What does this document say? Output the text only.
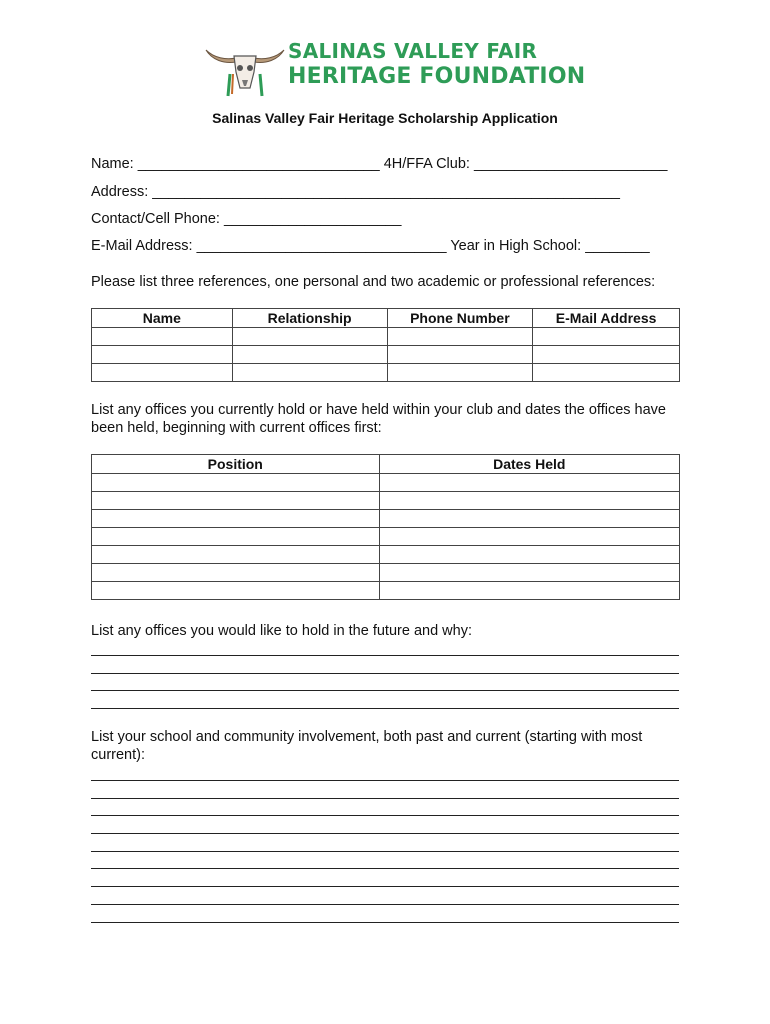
SALINAS VALLEY FAIR
HERITAGE FOUNDATION
Salinas Valley Fair Heritage Scholarship Application
Name: ______________________________ 4H/FFA Club: ________________________
Address: __________________________________________________________
Contact/Cell Phone: ______________________
E-Mail Address: _______________________________ Year in High School: ________
Please list three references, one personal and two academic or professional references:
Name	Relationship	Phone Number	E-Mail Address

List any offices you currently hold or have held within your club and dates the offices have been held, beginning with current offices first:
Position	Dates Held

List any offices you would like to hold in the future and why:
List your school and community involvement, both past and current (starting with most current):
